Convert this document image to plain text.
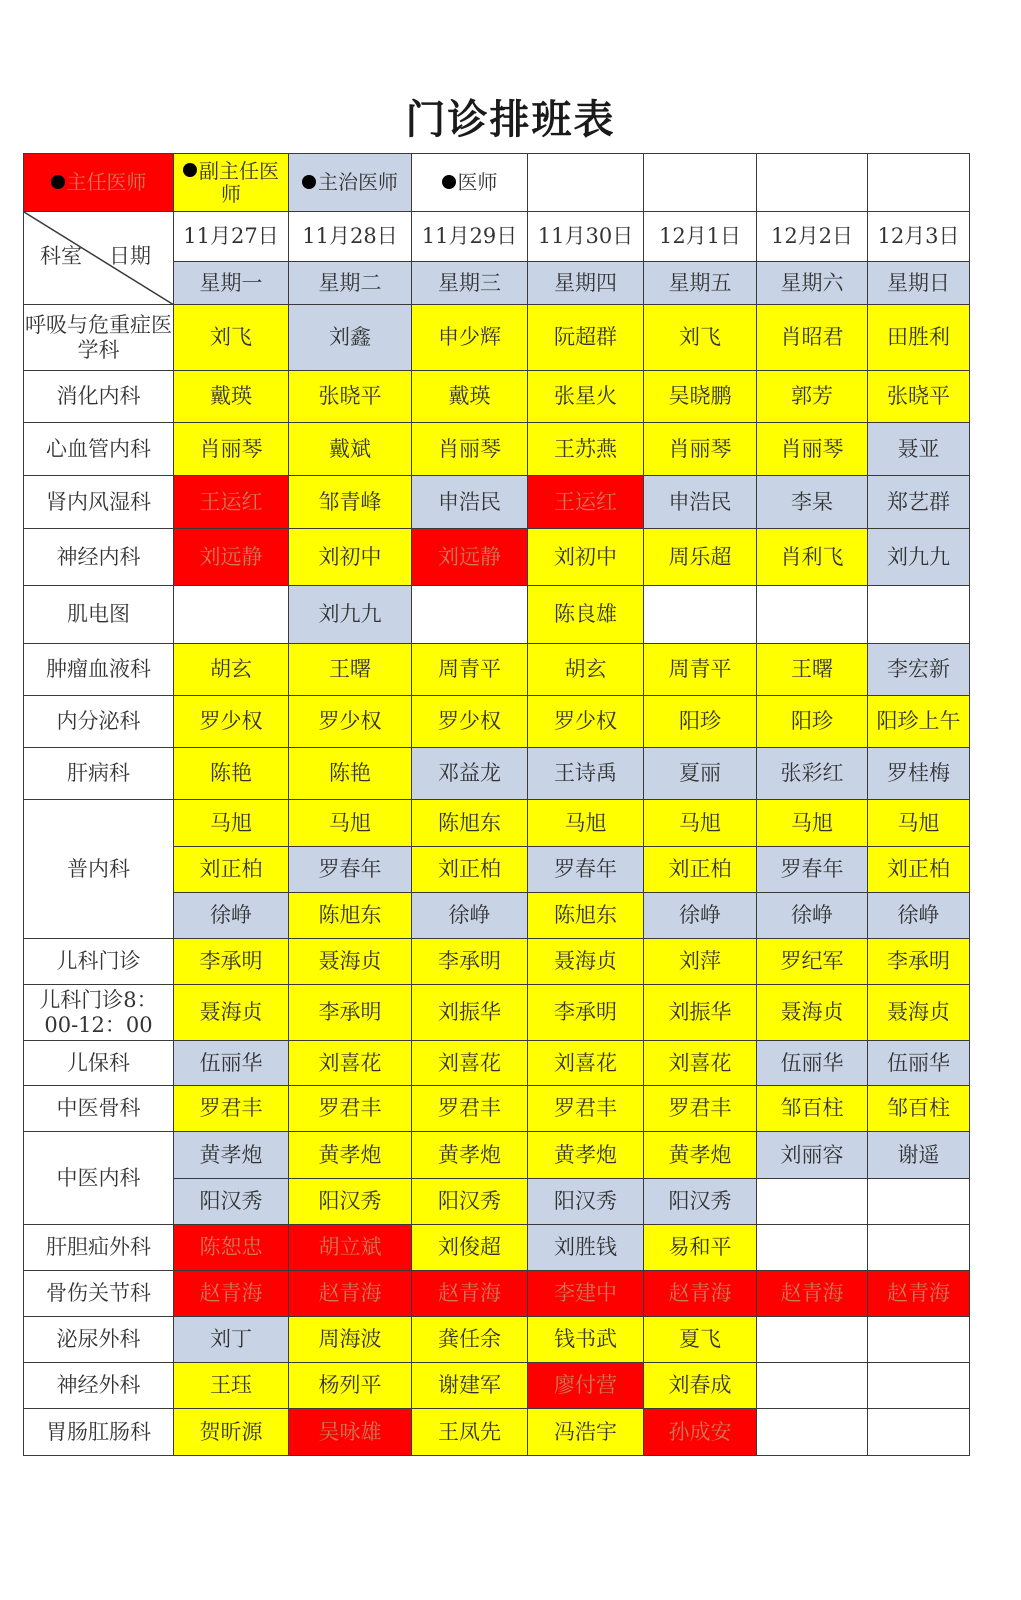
门诊排班表
主任医师	副主任医师	主治医师	医师				

科室 日期	11月27日	11月28日	11月29日	11月30日	12月1日	12月2日	12月3日
	星期一	星期二	星期三	星期四	星期五	星期六	星期日
呼吸与危重症医学科	刘飞	刘鑫	申少辉	阮超群	刘飞	肖昭君	田胜利
消化内科	戴瑛	张晓平	戴瑛	张星火	吴晓鹏	郭芳	张晓平
心血管内科	肖丽琴	戴斌	肖丽琴	王苏燕	肖丽琴	肖丽琴	聂亚
肾内风湿科	王运红	邹青峰	申浩民	王运红	申浩民	李杲	郑艺群
神经内科	刘远静	刘初中	刘远静	刘初中	周乐超	肖利飞	刘九九
肌电图		刘九九		陈良雄			
肿瘤血液科	胡玄	王曙	周青平	胡玄	周青平	王曙	李宏新
内分泌科	罗少权	罗少权	罗少权	罗少权	阳珍	阳珍	阳珍上午
肝病科	陈艳	陈艳	邓益龙	王诗禹	夏丽	张彩红	罗桂梅
普内科	马旭	马旭	陈旭东	马旭	马旭	马旭	马旭
	刘正柏	罗春年	刘正柏	罗春年	刘正柏	罗春年	刘正柏
	徐峥	陈旭东	徐峥	陈旭东	徐峥	徐峥	徐峥
儿科门诊	李承明	聂海贞	李承明	聂海贞	刘萍	罗纪军	李承明
儿科门诊8：00-12：00	聂海贞	李承明	刘振华	李承明	刘振华	聂海贞	聂海贞
儿保科	伍丽华	刘喜花	刘喜花	刘喜花	刘喜花	伍丽华	伍丽华
中医骨科	罗君丰	罗君丰	罗君丰	罗君丰	罗君丰	邹百柱	邹百柱
中医内科	黄孝炮	黄孝炮	黄孝炮	黄孝炮	黄孝炮	刘丽容	谢遥
	阳汉秀	阳汉秀	阳汉秀	阳汉秀	阳汉秀		
肝胆疝外科	陈恕忠	胡立斌	刘俊超	刘胜钱	易和平		
骨伤关节科	赵青海	赵青海	赵青海	李建中	赵青海	赵青海	赵青海
泌尿外科	刘丁	周海波	龚任余	钱书武	夏飞		
神经外科	王珏	杨列平	谢建军	廖付营	刘春成		
胃肠肛肠科	贺昕源	吴咏雄	王凤先	冯浩宇	孙成安		
